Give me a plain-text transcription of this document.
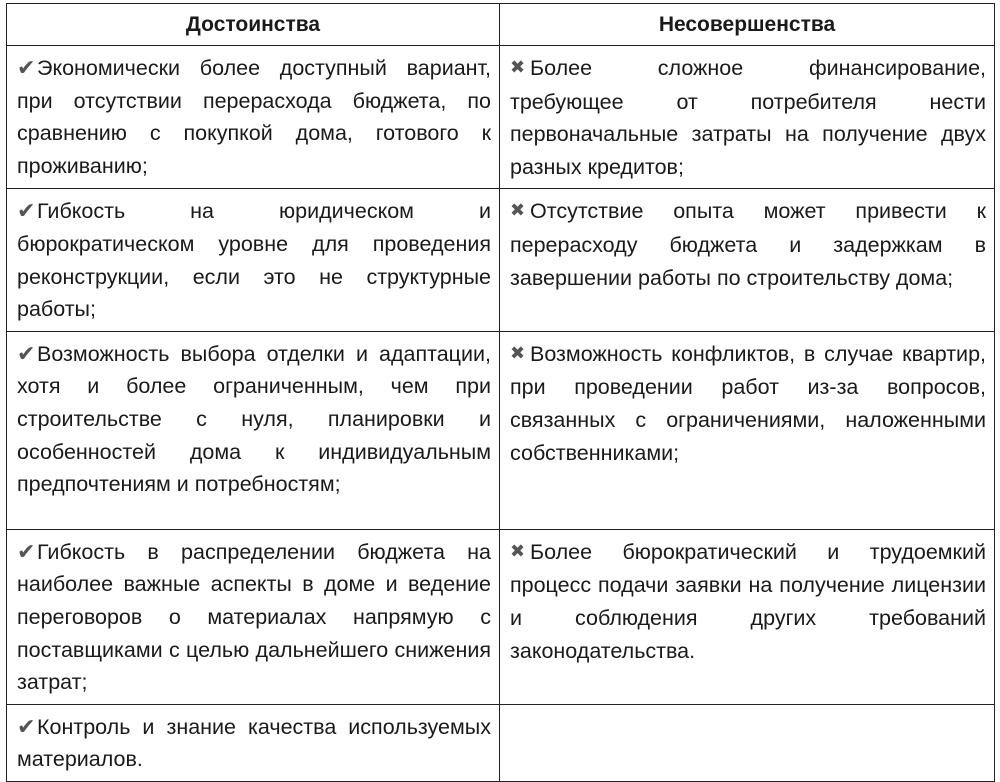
Достоинства	Несовершенства
✔Экономически более доступный вариант, при отсутствии перерасхода бюджета, по сравнению с покупкой дома, готового к проживанию;	✖ Более сложное финансирование, требующее от потребителя нести первоначальные затраты на получение двух разных кредитов;
✔Гибкость на юридическом и бюрократическом уровне для проведения реконструкции, если это не структурные работы;	✖ Отсутствие опыта может привести к перерасходу бюджета и задержкам в завершении работы по строительству дома;
✔Возможность выбора отделки и адаптации, хотя и более ограниченным, чем при строительстве с нуля, планировки и особенностей дома к индивидуальным предпочтениям и потребностям;	✖ Возможность конфликтов, в случае квартир, при проведении работ из-за вопросов, связанных с ограничениями, наложенными собственниками;
✔Гибкость в распределении бюджета на наиболее важные аспекты в доме и ведение переговоров о материалах напрямую с поставщиками с целью дальнейшего снижения затрат;	✖ Более бюрократический и трудоемкий процесс подачи заявки на получение лицензии и соблюдения других требований законодательства.
✔Контроль и знание качества используемых материалов.	
